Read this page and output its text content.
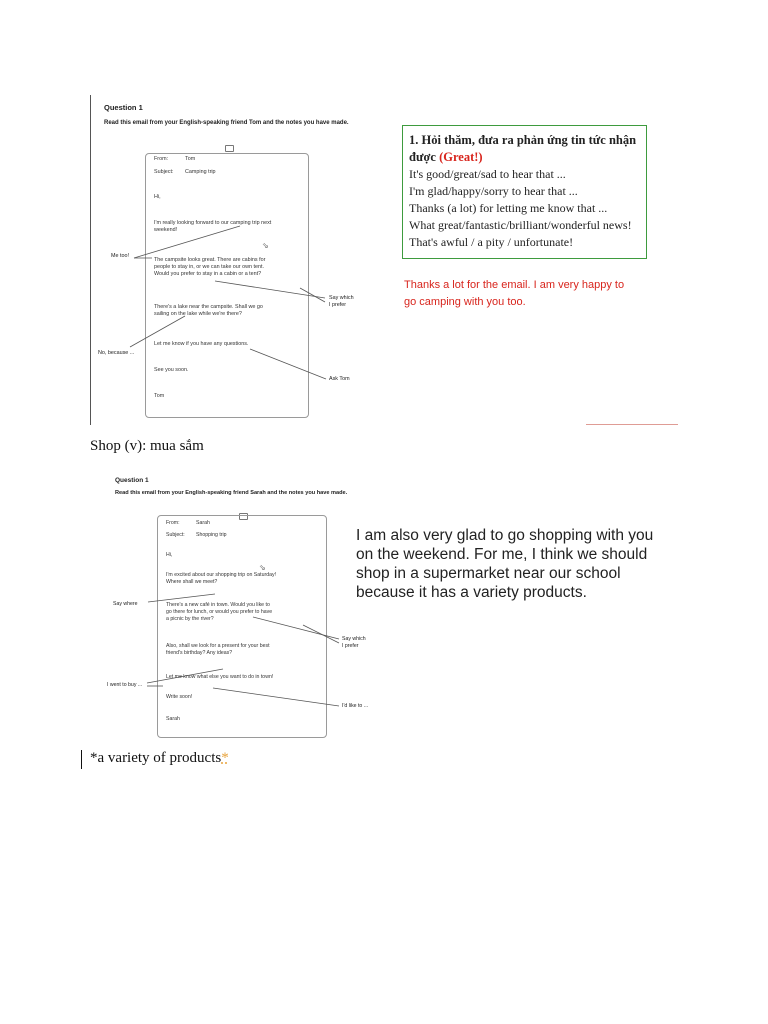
Question 1
Read this email from your English-speaking friend Tom and the notes you have made.
From:	Tom
Subject: Camping trip
Hi,
I'm really looking forward to our camping trip next
weekend!
⇘
The campsite looks great. There are cabins for
people to stay in, or we can take our own tent.
Would you prefer to stay in a cabin or a tent?
There's a lake near the campsite. Shall we go
sailing on the lake while we're there?
Let me know if you have any questions.
See you soon.
Tom
Me too!
Say which
I prefer
No, because ...
Ask Tom
1. Hỏi thăm, đưa ra phản ứng tin tức nhận
được (Great!)
It's good/great/sad to hear that ...
I'm glad/happy/sorry to hear that ...
Thanks (a lot) for letting me know that ...
What great/fantastic/brilliant/wonderful news!
That's awful / a pity / unfortunate!
Thanks a lot for the email. I am very happy to
go camping with you too.
Shop (v): mua sắm
Question 1
Read this email from your English-speaking friend Sarah and the notes you have made.
From:	Sarah
Subject: Shopping trip
Hi,
⇘
I'm excited about our shopping trip on Saturday!
Where shall we meet?
There's a new café in town. Would you like to
go there for lunch, or would you prefer to have
a picnic by the river?
Also, shall we look for a present for your best
friend's birthday? Any ideas?
Let me know what else you want to do in town!
Write soon!
Sarah
Say where
Say which
I prefer
I went to buy ...
I'd like to ...
I am also very glad to go shopping with you
on the weekend. For me, I think we should
shop in a supermarket near our school
because it has a variety products.
*a variety of products*
